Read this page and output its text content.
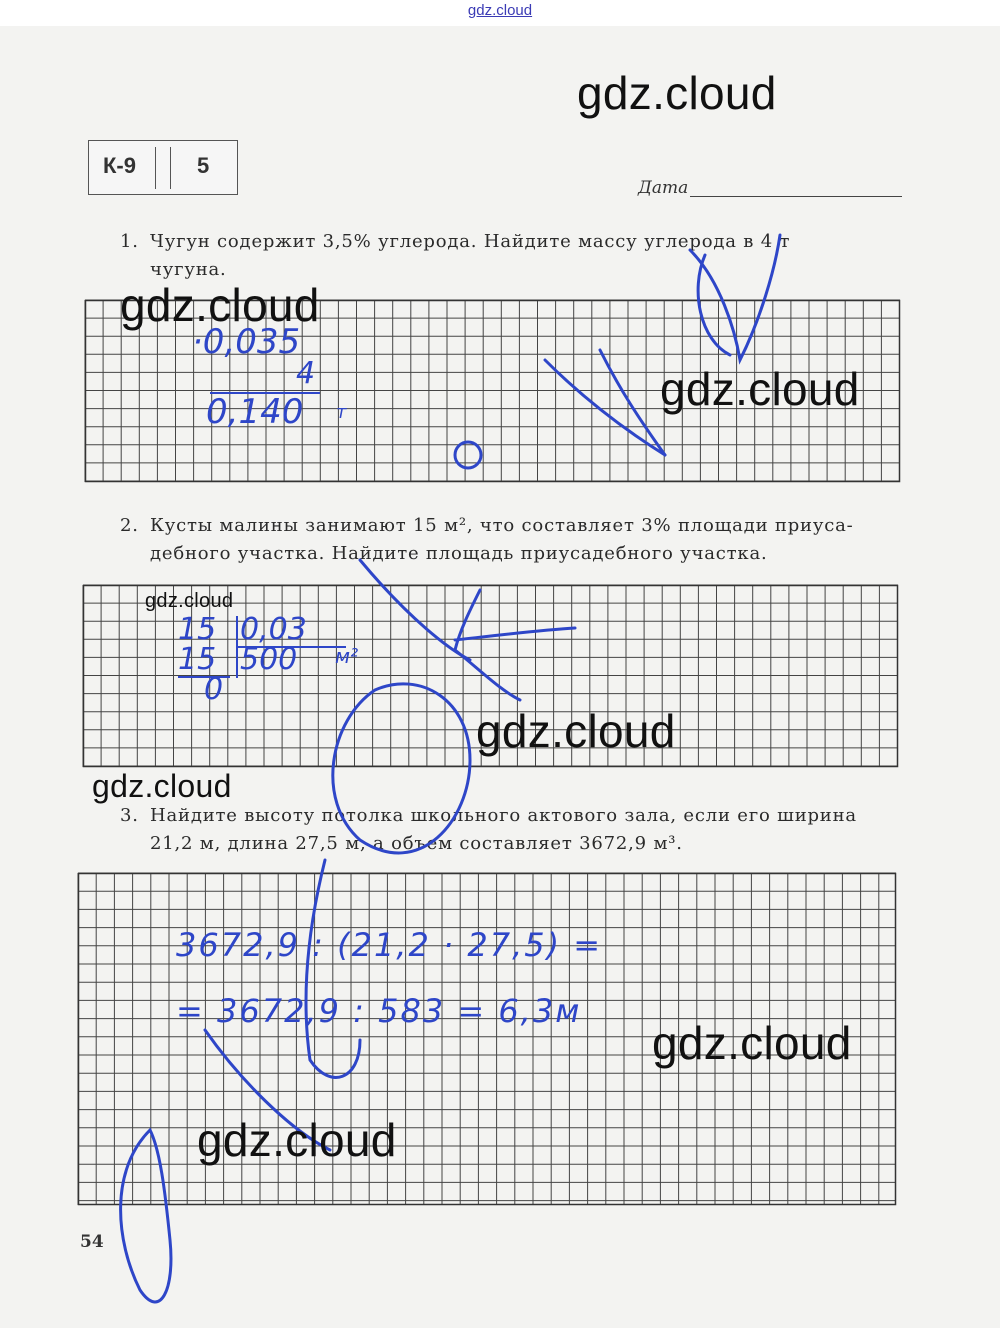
gdz.cloud
К-9	5
Дата
1. Чугун содержит 3,5% углерода. Найдите массу углерода в 4 т
чугуна.
·0,035
4
0,140 т
2. Кусты малины занимают 15 м², что составляет 3% площади приуса-
дебного участка. Найдите площадь приусадебного участка.
15 0,03
15 500 м²
0
3. Найдите высоту потолка школьного актового зала, если его ширина
21,2 м, длина 27,5 м, а объем составляет 3672,9 м³.
3672,9 : (21,2 · 27,5) =
= 3672,9 : 583 = 6,3м
gdz.cloud
gdz.cloud
gdz.cloud
gdz.cloud
gdz.cloud
gdz.cloud
gdz.cloud
gdz.cloud
54
